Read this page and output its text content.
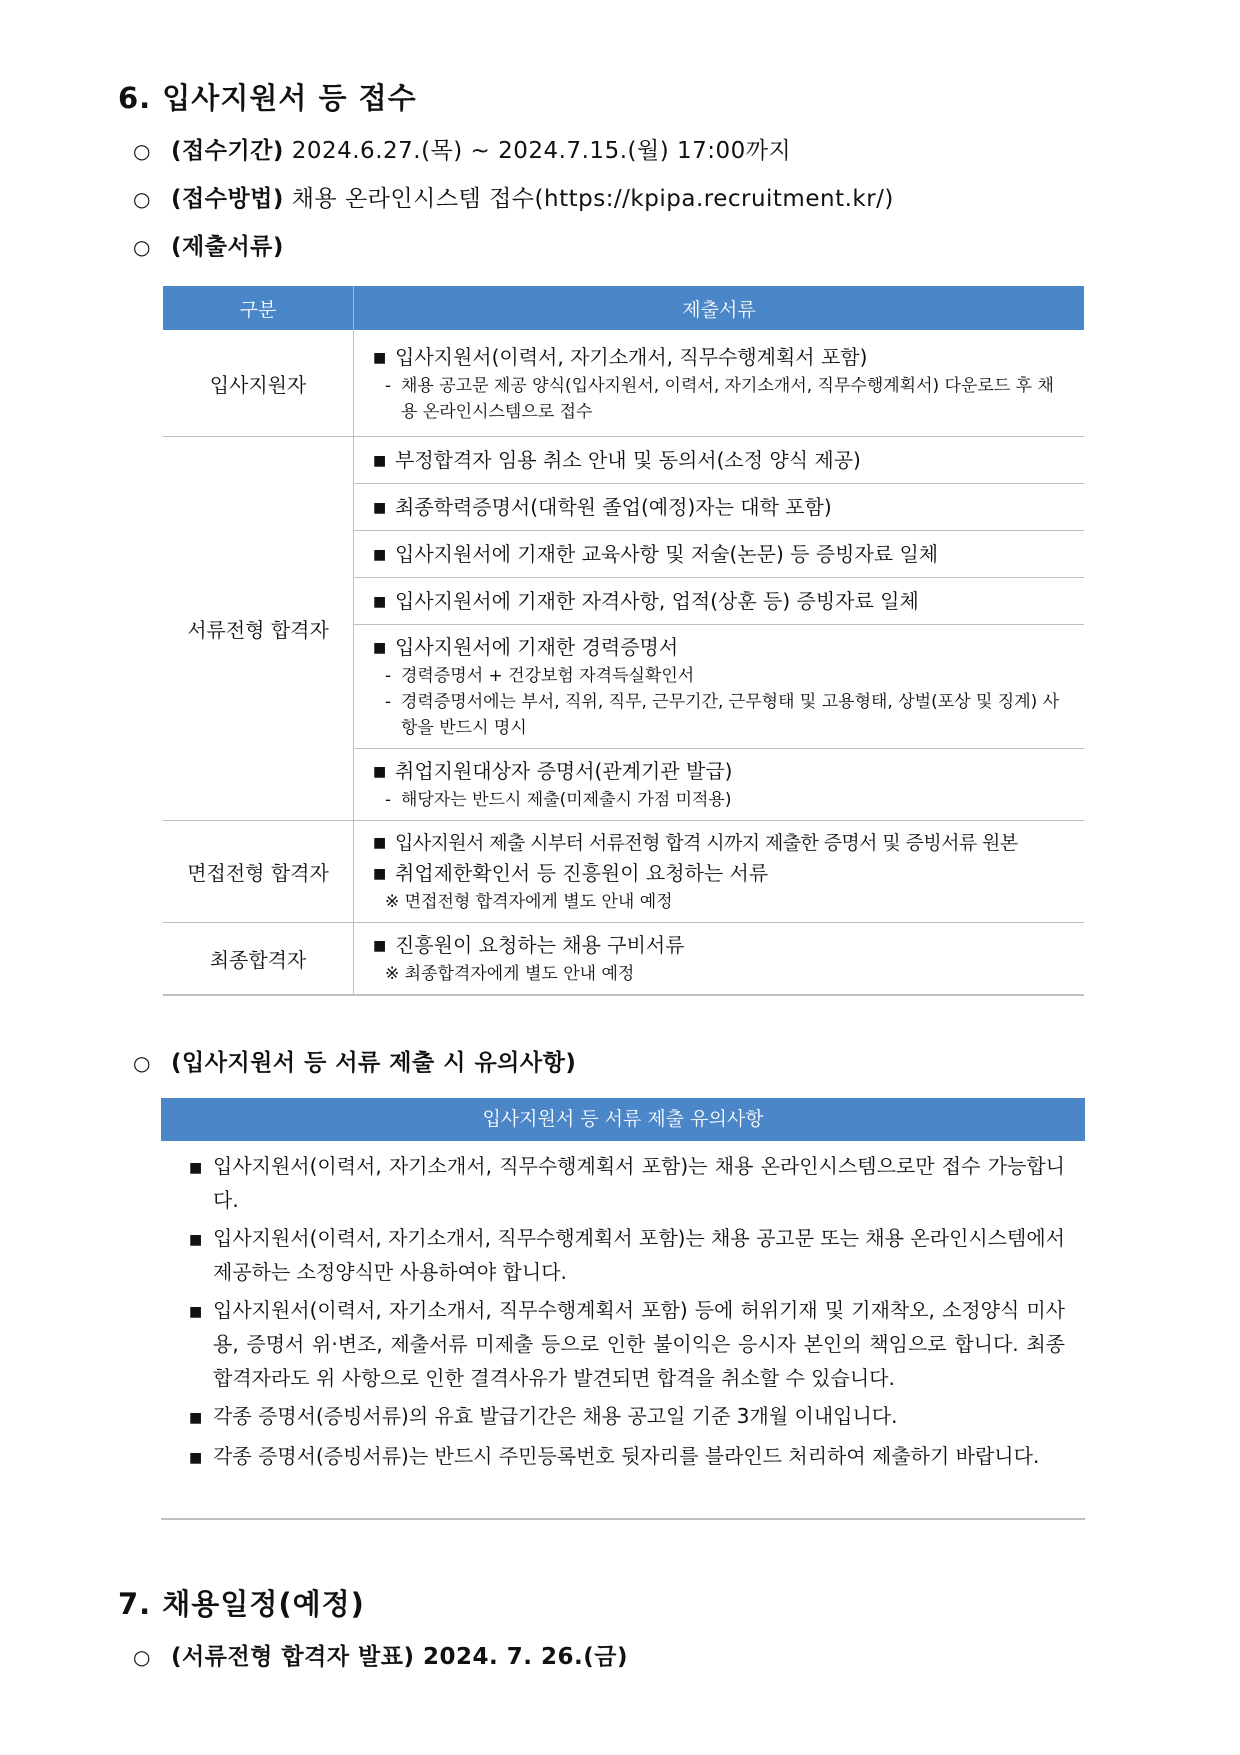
6. 입사지원서 등 접수
○ (접수기간) 2024.6.27.(목) ~ 2024.7.15.(월) 17:00까지
○ (접수방법) 채용 온라인시스템 접수(https://kpipa.recruitment.kr/)
○ (제출서류)
구분	제출서류
입사지원자	■ 입사지원서(이력서, 자기소개서, 직무수행계획서 포함)
- 채용 공고문 제공 양식(입사지원서, 이력서, 자기소개서, 직무수행계획서) 다운로드 후 채용 온라인시스템으로 접수

서류전형 합격자	■ 부정합격자 임용 취소 안내 및 동의서(소정 양식 제공)

	■ 최종학력증명서(대학원 졸업(예정)자는 대학 포함)

	■ 입사지원서에 기재한 교육사항 및 저술(논문) 등 증빙자료 일체

	■ 입사지원서에 기재한 자격사항, 업적(상훈 등) 증빙자료 일체

	■ 입사지원서에 기재한 경력증명서
- 경력증명서 + 건강보험 자격득실확인서
- 경력증명서에는 부서, 직위, 직무, 근무기간, 근무형태 및 고용형태, 상벌(포상 및 징계) 사항을 반드시 명시

	■ 취업지원대상자 증명서(관계기관 발급)
- 해당자는 반드시 제출(미제출시 가점 미적용)

면접전형 합격자	■ 입사지원서 제출 시부터 서류전형 합격 시까지 제출한 증명서 및 증빙서류 원본
■ 취업제한확인서 등 진흥원이 요청하는 서류
※ 면접전형 합격자에게 별도 안내 예정

최종합격자	■ 진흥원이 요청하는 채용 구비서류
※ 최종합격자에게 별도 안내 예정
○ (입사지원서 등 서류 제출 시 유의사항)
입사지원서 등 서류 제출 유의사항
■ 입사지원서(이력서, 자기소개서, 직무수행계획서 포함)는 채용 온라인시스템으로만 접수 가능합니다.
■ 입사지원서(이력서, 자기소개서, 직무수행계획서 포함)는 채용 공고문 또는 채용 온라인시스템에서 제공하는 소정양식만 사용하여야 합니다.
■ 입사지원서(이력서, 자기소개서, 직무수행계획서 포함) 등에 허위기재 및 기재착오, 소정양식 미사용, 증명서 위·변조, 제출서류 미제출 등으로 인한 불이익은 응시자 본인의 책임으로 합니다. 최종합격자라도 위 사항으로 인한 결격사유가 발견되면 합격을 취소할 수 있습니다.
■ 각종 증명서(증빙서류)의 유효 발급기간은 채용 공고일 기준 3개월 이내입니다.
■ 각종 증명서(증빙서류)는 반드시 주민등록번호 뒷자리를 블라인드 처리하여 제출하기 바랍니다.
7. 채용일정(예정)
○ (서류전형 합격자 발표) 2024. 7. 26.(금)
